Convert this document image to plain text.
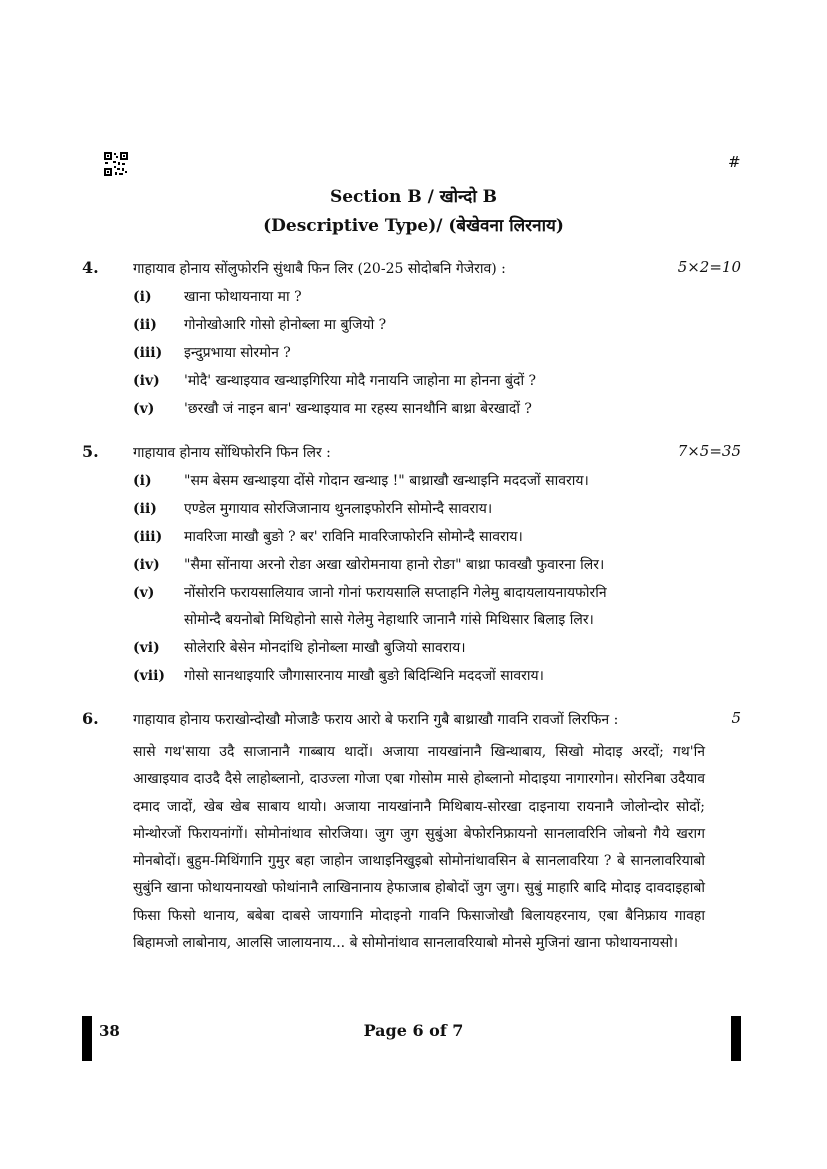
#
Section B / खोन्दो B
(Descriptive Type)/ (बेखेवना लिरनाय)
4. गाहायाव होनाय सोंलुफोरनि सुंथाबै फिन लिर (20-25 सोदोबनि गेजेराव) :	5×2=10
(i) खाना फोथायनाया मा ?
(ii) गोनोखोआरि गोसो होनोब्ला मा बुजियो ?
(iii) इन्दुप्रभाया सोरमोन ?
(iv) 'मोदै' खन्थाइयाव खन्थाइगिरिया मोदै गनायनि जाहोना मा होनना बुंदों ?
(v) 'छरखौ जं नाइन बान' खन्थाइयाव मा रहस्य सानथौनि बाथ्रा बेरखादों ?
5. गाहायाव होनाय सोंथिफोरनि फिन लिर :	7×5=35
(i) "सम बेसम खन्थाइया दोंसे गोदान खन्थाइ !" बाथ्राखौ खन्थाइनि मददजों सावराय।
(ii) एण्डेल मुगायाव सोरजिजानाय थुनलाइफोरनि सोमोन्दै सावराय।
(iii) मावरिजा माखौ बुङो ? बर' राविनि मावरिजाफोरनि सोमोन्दै सावराय।
(iv) "सैमा सोंनाया अरनो रोङा अखा खोरोमनाया हानो रोङा" बाथ्रा फावखौ फुवारना लिर।
(v) नोंसोरनि फरायसालियाव जानो गोनां फरायसालि सप्ताहनि गेलेमु बादायलायनायफोरनि
सोमोन्दै बयनोबो मिथिहोनो सासे गेलेमु नेहाथारि जानानै गांसे मिथिसार बिलाइ लिर।
(vi) सोलेरारि बेसेन मोनदांथि होनोब्ला माखौ बुजियो सावराय।
(vii) गोसो सानथाइयारि जौगासारनाय माखौ बुङो बिदिन्थिनि मददजों सावराय।
6. गाहायाव होनाय फराखोन्दोखौ मोजाङै फराय आरो बे फरानि गुबै बाथ्राखौ गावनि रावजों लिरफिन :	5
सासे गथ'साया उदै साजानानै गाब्बाय थादों। अजाया नायखांनानै खिन्थाबाय, सिखो मोदाइ अरदों; गथ'नि आखाइयाव दाउदै दैसे लाहोब्लानो, दाउज्ला गोजा एबा गोसोम मासे होब्लानो मोदाइया नागारगोन। सोरनिबा उदैयाव दमाद जादों, खेब खेब साबाय थायो। अजाया नायखांनानै मिथिबाय-सोरखा दाइनाया रायनानै जोलोन्दोर सोदों; मोन्थोरजों फिरायनांगों। सोमोनांथाव सोरजिया। जुग जुग सुबुंआ बेफोरनिफ्रायनो सानलावरिनि जोबनो गैये खराग मोनबोदों। बुहुम-मिथिंगानि गुमुर बहा जाहोन जाथाइनिखुइबो सोमोनांथावसिन बे सानलावरिया ? बे सानलावरियाबो सुबुंनि खाना फोथायनायखो फोथांनानै लाखिनानाय हेफाजाब होबोदों जुग जुग। सुबुं माहारि बादि मोदाइ दावदाइहाबो फिसा फिसो थानाय, बबेबा दाबसे जायगानि मोदाइनो गावनि फिसाजोखौ बिलायहरनाय, एबा बैनिफ्राय गावहा बिहामजो लाबोनाय, आलसि जालायनाय... बे सोमोनांथाव सानलावरियाबो मोनसे मुजिनां खाना फोथायनायसो।
38	Page 6 of 7
